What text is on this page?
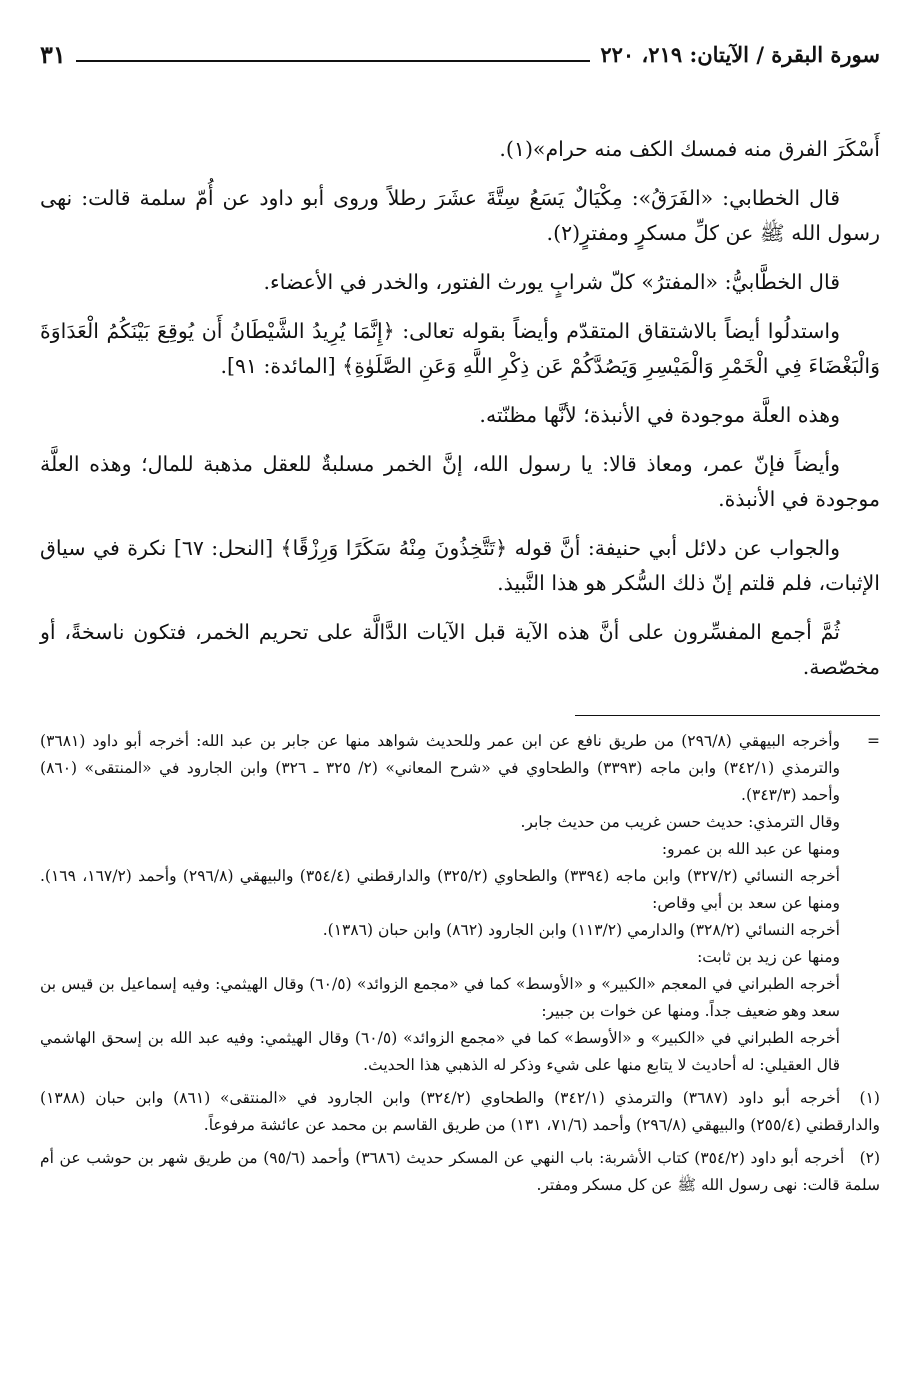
سورة البقرة / الآيتان: ٢١٩، ٢٢٠
٣١

أَسْكَرَ الفرق منه فمسك الكف منه حرام»(١).

قال الخطابي: «الفَرَقُ»: مِكْيَالٌ يَسَعُ سِتَّةَ عشَرَ رطلاً وروى أبو داود عن أُمّ سلمة قالت: نهى رسول الله ﷺ عن كلِّ مسكرٍ ومفترٍ(٢).

قال الخطَّابيُّ: «المفترُ» كلّ شرابٍ يورث الفتور، والخدر في الأعضاء.

واستدلُوا أيضاً بالاشتقاق المتقدّم وأيضاً بقوله تعالى: ﴿إِنَّمَا يُرِيدُ الشَّيْطَانُ أَن يُوقِعَ بَيْنَكُمُ الْعَدَاوَةَ وَالْبَغْضَاءَ فِي الْخَمْرِ وَالْمَيْسِرِ وَيَصُدَّكُمْ عَن ذِكْرِ اللَّهِ وَعَنِ الصَّلَوٰةِ﴾ [المائدة: ٩١].

وهذه العلَّة موجودة في الأنبذة؛ لأنَّها مظنّته.

وأيضاً فإنّ عمر، ومعاذ قالا: يا رسول الله، إنَّ الخمر مسلبةٌ للعقل مذهبة للمال؛ وهذه العلَّة موجودة في الأنبذة.

والجواب عن دلائل أبي حنيفة: أنَّ قوله ﴿تَتَّخِذُونَ مِنْهُ سَكَرًا وَرِزْقًا﴾ [النحل: ٦٧] نكرة في سياق الإثبات، فلم قلتم إنّ ذلك السُّكر هو هذا النَّبيذ.

ثُمَّ أجمع المفسِّرون على أنَّ هذه الآية قبل الآيات الدَّالَّة على تحريم الخمر، فتكون ناسخةً، أو مخصّصة.

=
وأخرجه البيهقي (٢٩٦/٨) من طريق نافع عن ابن عمر وللحديث شواهد منها عن جابر بن عبد الله: أخرجه أبو داود (٣٦٨١) والترمذي (٣٤٢/١) وابن ماجه (٣٣٩٣) والطحاوي في «شرح المعاني» (٢/ ٣٢٥ ـ ٣٢٦) وابن الجارود في «المنتقى» (٨٦٠) وأحمد (٣٤٣/٣).
وقال الترمذي: حديث حسن غريب من حديث جابر.
ومنها عن عبد الله بن عمرو:
أخرجه النسائي (٣٢٧/٢) وابن ماجه (٣٣٩٤) والطحاوي (٣٢٥/٢) والدارقطني (٣٥٤/٤) والبيهقي (٢٩٦/٨) وأحمد (١٦٧/٢، ١٦٩). ومنها عن سعد بن أبي وقاص:
أخرجه النسائي (٣٢٨/٢) والدارمي (١١٣/٢) وابن الجارود (٨٦٢) وابن حبان (١٣٨٦).
ومنها عن زيد بن ثابت:
أخرجه الطبراني في المعجم «الكبير» و «الأوسط» كما في «مجمع الزوائد» (٦٠/٥) وقال الهيثمي: وفيه إسماعيل بن قيس بن سعد وهو ضعيف جداً. ومنها عن خوات بن جبير:
أخرجه الطبراني في «الكبير» و «الأوسط» كما في «مجمع الزوائد» (٦٠/٥) وقال الهيثمي: وفيه عبد الله بن إسحق الهاشمي قال العقيلي: له أحاديث لا يتابع منها على شيء وذكر له الذهبي هذا الحديث.
(١) أخرجه أبو داود (٣٦٨٧) والترمذي (٣٤٢/١) والطحاوي (٣٢٤/٢) وابن الجارود في «المنتقى» (٨٦١) وابن حبان (١٣٨٨) والدارقطني (٢٥٥/٤) والبيهقي (٢٩٦/٨) وأحمد (٧١/٦، ١٣١) من طريق القاسم بن محمد عن عائشة مرفوعاً.
(٢) أخرجه أبو داود (٣٥٤/٢) كتاب الأشربة: باب النهي عن المسكر حديث (٣٦٨٦) وأحمد (٩٥/٦) من طريق شهر بن حوشب عن أم سلمة قالت: نهى رسول الله ﷺ عن كل مسكر ومفتر.
